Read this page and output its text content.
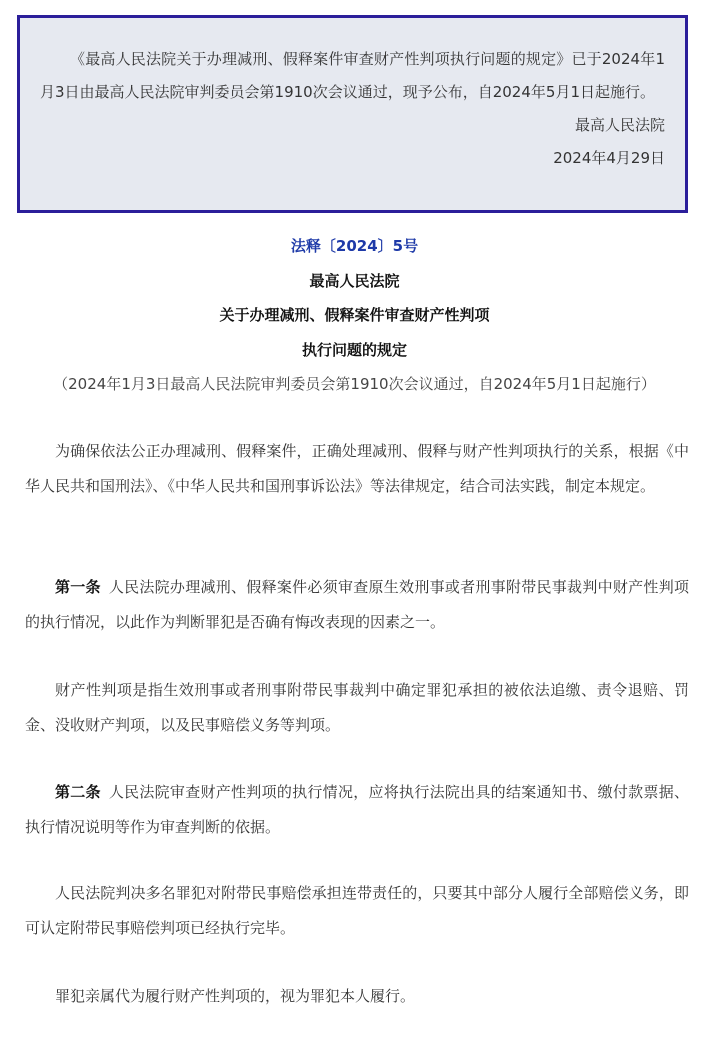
《最高人民法院关于办理减刑、假释案件审查财产性判项执行问题的规定》已于2024年1月3日由最高人民法院审判委员会第1910次会议通过，现予公布，自2024年5月1日起施行。

最高人民法院

2024年4月29日

法释〔2024〕5号

最高人民法院

关于办理减刑、假释案件审查财产性判项

执行问题的规定

（2024年1月3日最高人民法院审判委员会第1910次会议通过，自2024年5月1日起施行）

为确保依法公正办理减刑、假释案件，正确处理减刑、假释与财产性判项执行的关系，根据《中华人民共和国刑法》、《中华人民共和国刑事诉讼法》等法律规定，结合司法实践，制定本规定。

第一条 人民法院办理减刑、假释案件必须审查原生效刑事或者刑事附带民事裁判中财产性判项的执行情况，以此作为判断罪犯是否确有悔改表现的因素之一。

财产性判项是指生效刑事或者刑事附带民事裁判中确定罪犯承担的被依法追缴、责令退赔、罚金、没收财产判项，以及民事赔偿义务等判项。

第二条 人民法院审查财产性判项的执行情况，应将执行法院出具的结案通知书、缴付款票据、执行情况说明等作为审查判断的依据。

人民法院判决多名罪犯对附带民事赔偿承担连带责任的，只要其中部分人履行全部赔偿义务，即可认定附带民事赔偿判项已经执行完毕。

罪犯亲属代为履行财产性判项的，视为罪犯本人履行。
